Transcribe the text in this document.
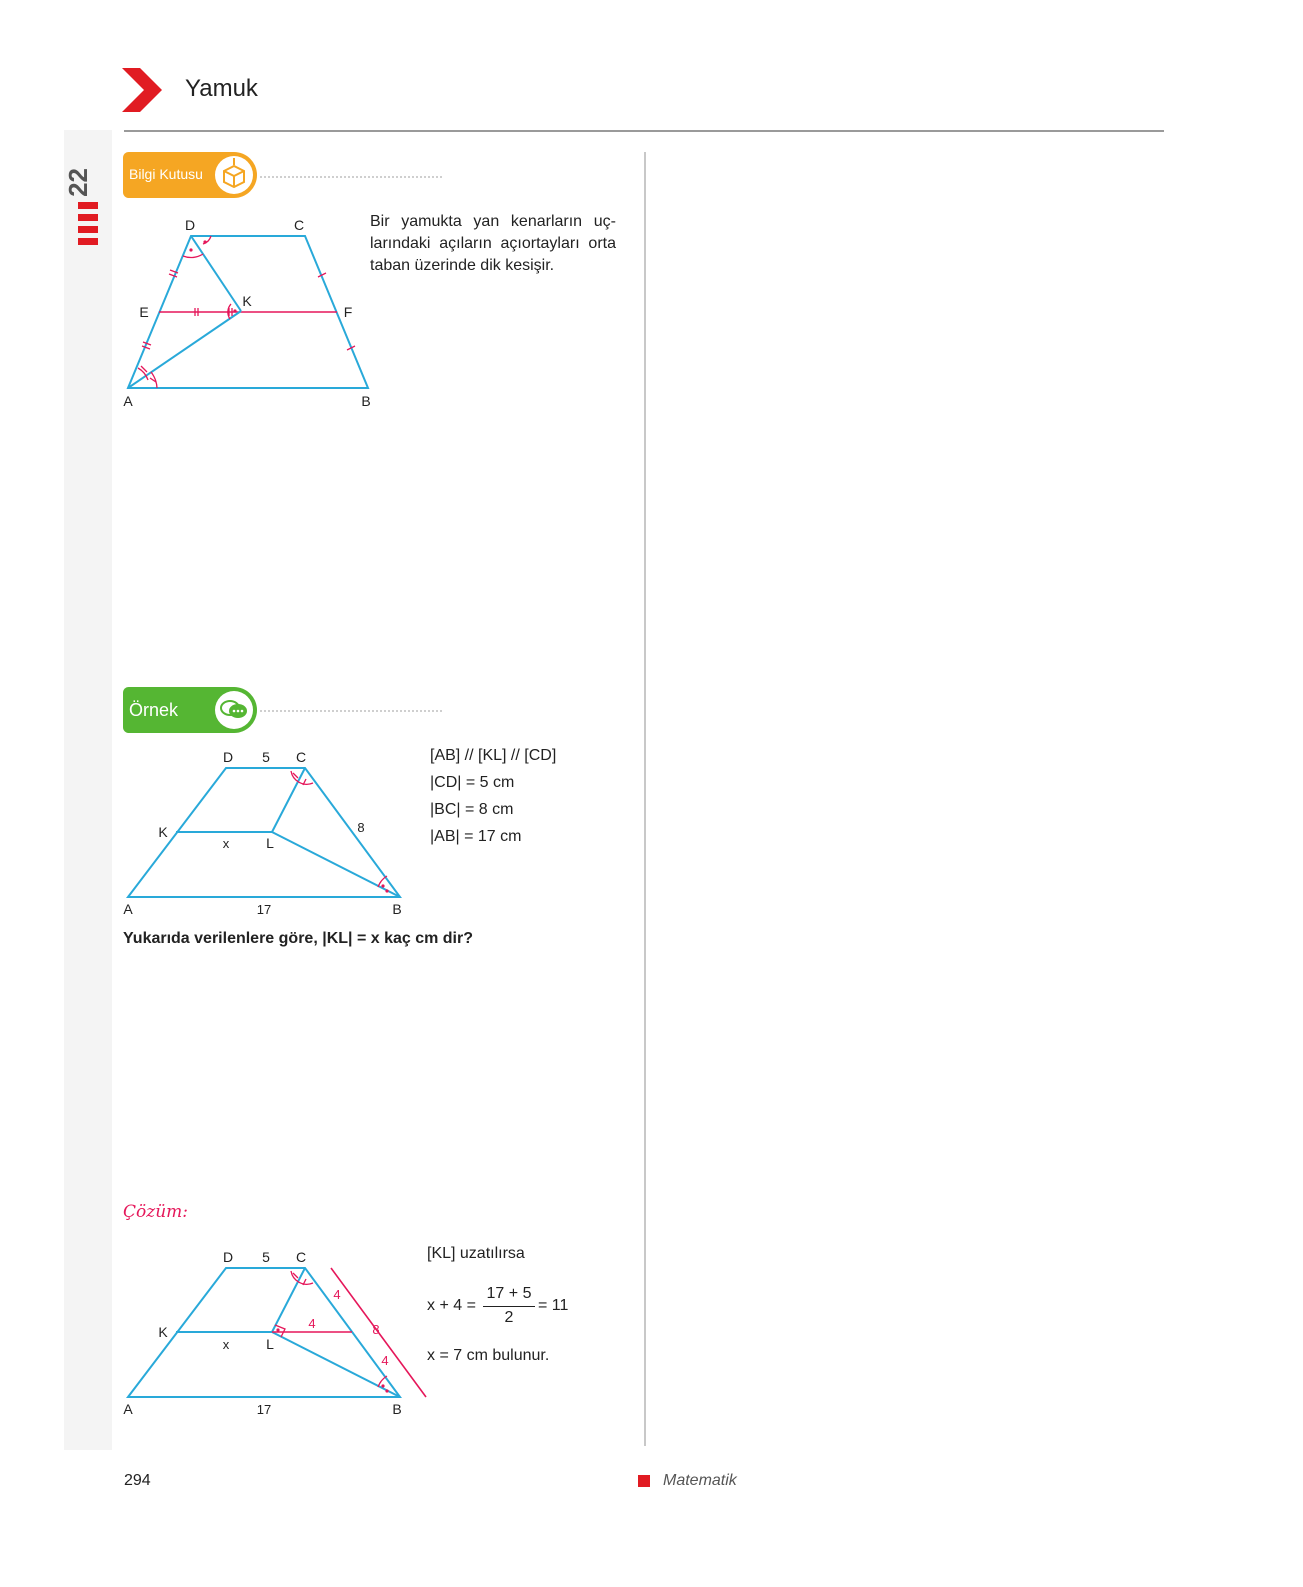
22
Yamuk
Bilgi Kutusu
D	C
E	F
K
A	B
Bir yamukta yan kenarların uç-larındaki açıların açıortayları orta taban üzerinde dik kesişir.
Örnek
D 5 C
8
K
x	L
A	17	B
[AB] // [KL] // [CD]
|CD| = 5 cm
|BC| = 8 cm
|AB| = 17 cm
Yukarıda verilenlere göre, |KL| = x kaç cm dir?
Çözüm:
D 5 C
4
4	8
4
K
x	L
A	17	B
[KL] uzatılırsa
x + 4 =
17 + 5
2
= 11
x = 7 cm bulunur.
294	Matematik
